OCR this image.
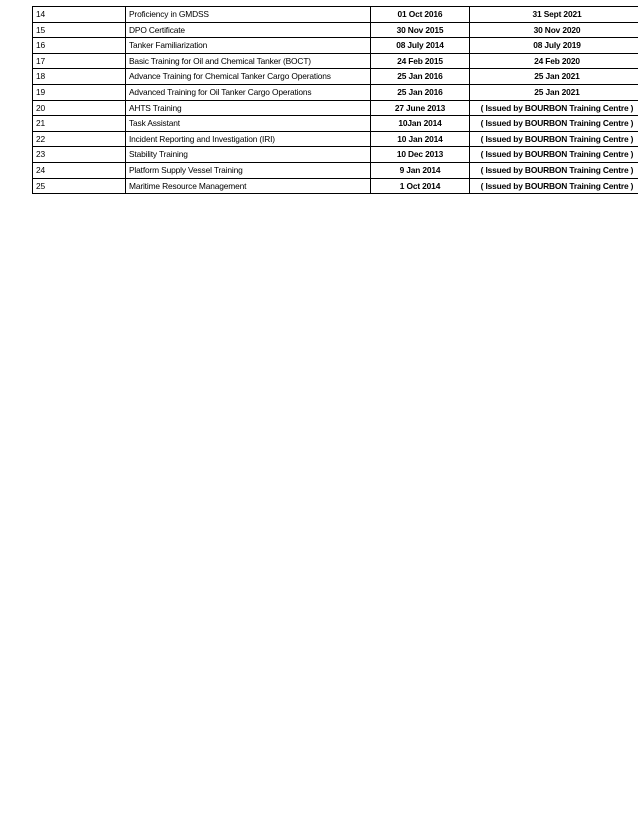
14	Proficiency in GMDSS	01 Oct 2016	31 Sept 2021
15	DPO Certificate	30 Nov 2015	30 Nov 2020
16	Tanker Familiarization	08 July 2014	08 July 2019
17	Basic Training for Oil and Chemical Tanker (BOCT)	24 Feb 2015	24 Feb 2020
18	Advance Training for Chemical Tanker Cargo Operations	25 Jan 2016	25 Jan 2021
19	Advanced Training for Oil Tanker Cargo Operations	25 Jan 2016	25 Jan 2021
20	AHTS Training	27 June 2013	( Issued by BOURBON Training Centre )
21	Task Assistant	10Jan 2014	( Issued by BOURBON Training Centre )
22	Incident Reporting and Investigation (IRI)	10 Jan 2014	( Issued by BOURBON Training Centre )
23	Stability Training	10 Dec 2013	( Issued by BOURBON Training Centre )
24	Platform Supply Vessel Training	9 Jan 2014	( Issued by BOURBON Training Centre )
25	Maritime Resource Management	1 Oct 2014	( Issued by BOURBON Training Centre )
